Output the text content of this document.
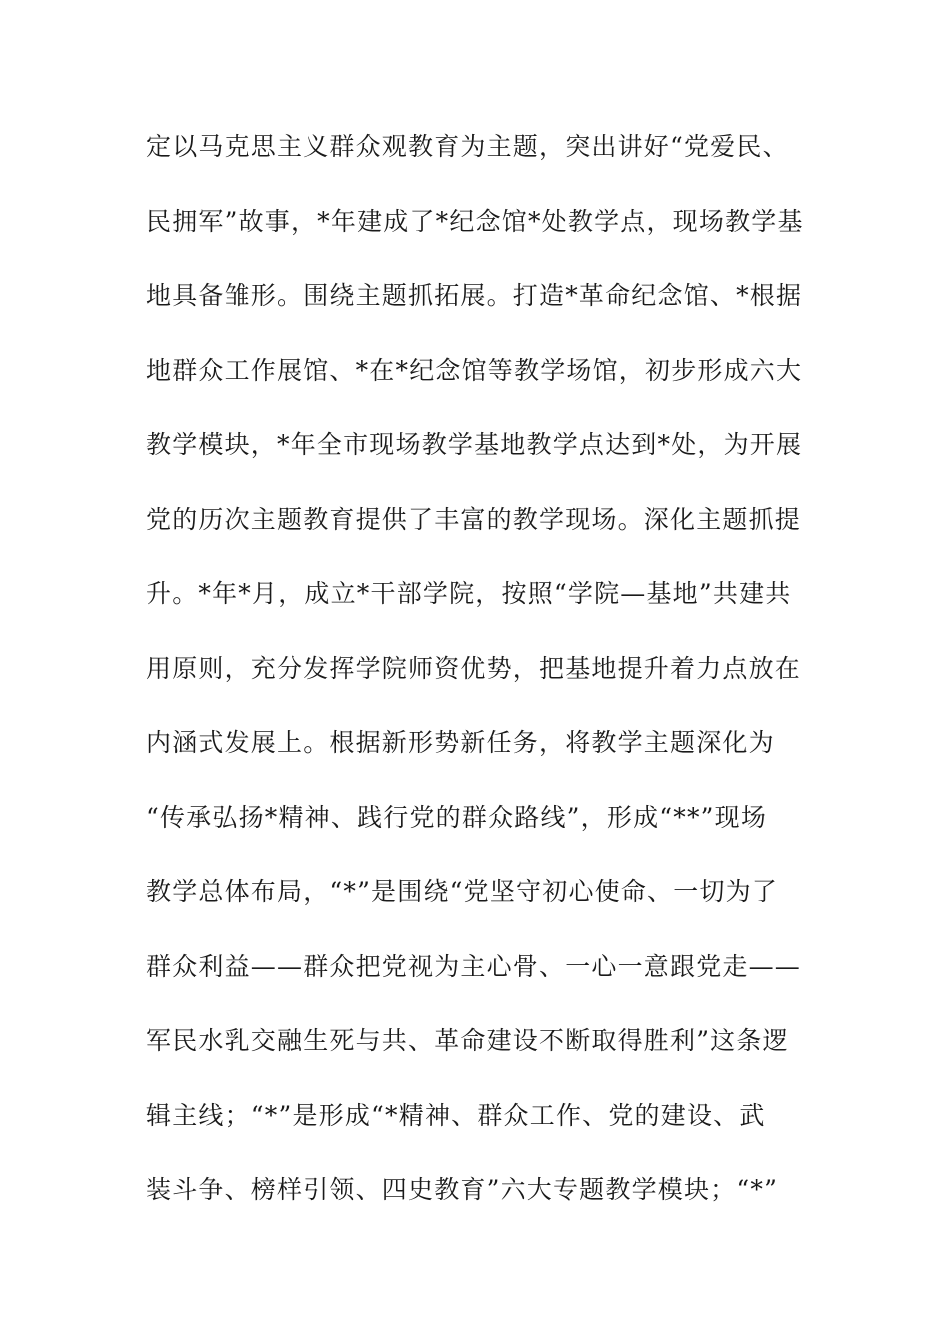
定以马克思主义群众观教育为主题，突出讲好“党爱民、
民拥军”故事，*年建成了*纪念馆*处教学点，现场教学基
地具备雏形。围绕主题抓拓展。打造*革命纪念馆、*根据
地群众工作展馆、*在*纪念馆等教学场馆，初步形成六大
教学模块，*年全市现场教学基地教学点达到*处，为开展
党的历次主题教育提供了丰富的教学现场。深化主题抓提
升。*年*月，成立*干部学院，按照“学院—基地”共建共
用原则，充分发挥学院师资优势，把基地提升着力点放在
内涵式发展上。根据新形势新任务，将教学主题深化为
“传承弘扬*精神、践行党的群众路线”，形成“**”现场
教学总体布局，“*”是围绕“党坚守初心使命、一切为了
群众利益——群众把党视为主心骨、一心一意跟党走——
军民水乳交融生死与共、革命建设不断取得胜利”这条逻
辑主线；“*”是形成“*精神、群众工作、党的建设、武
装斗争、榜样引领、四史教育”六大专题教学模块；“*”
